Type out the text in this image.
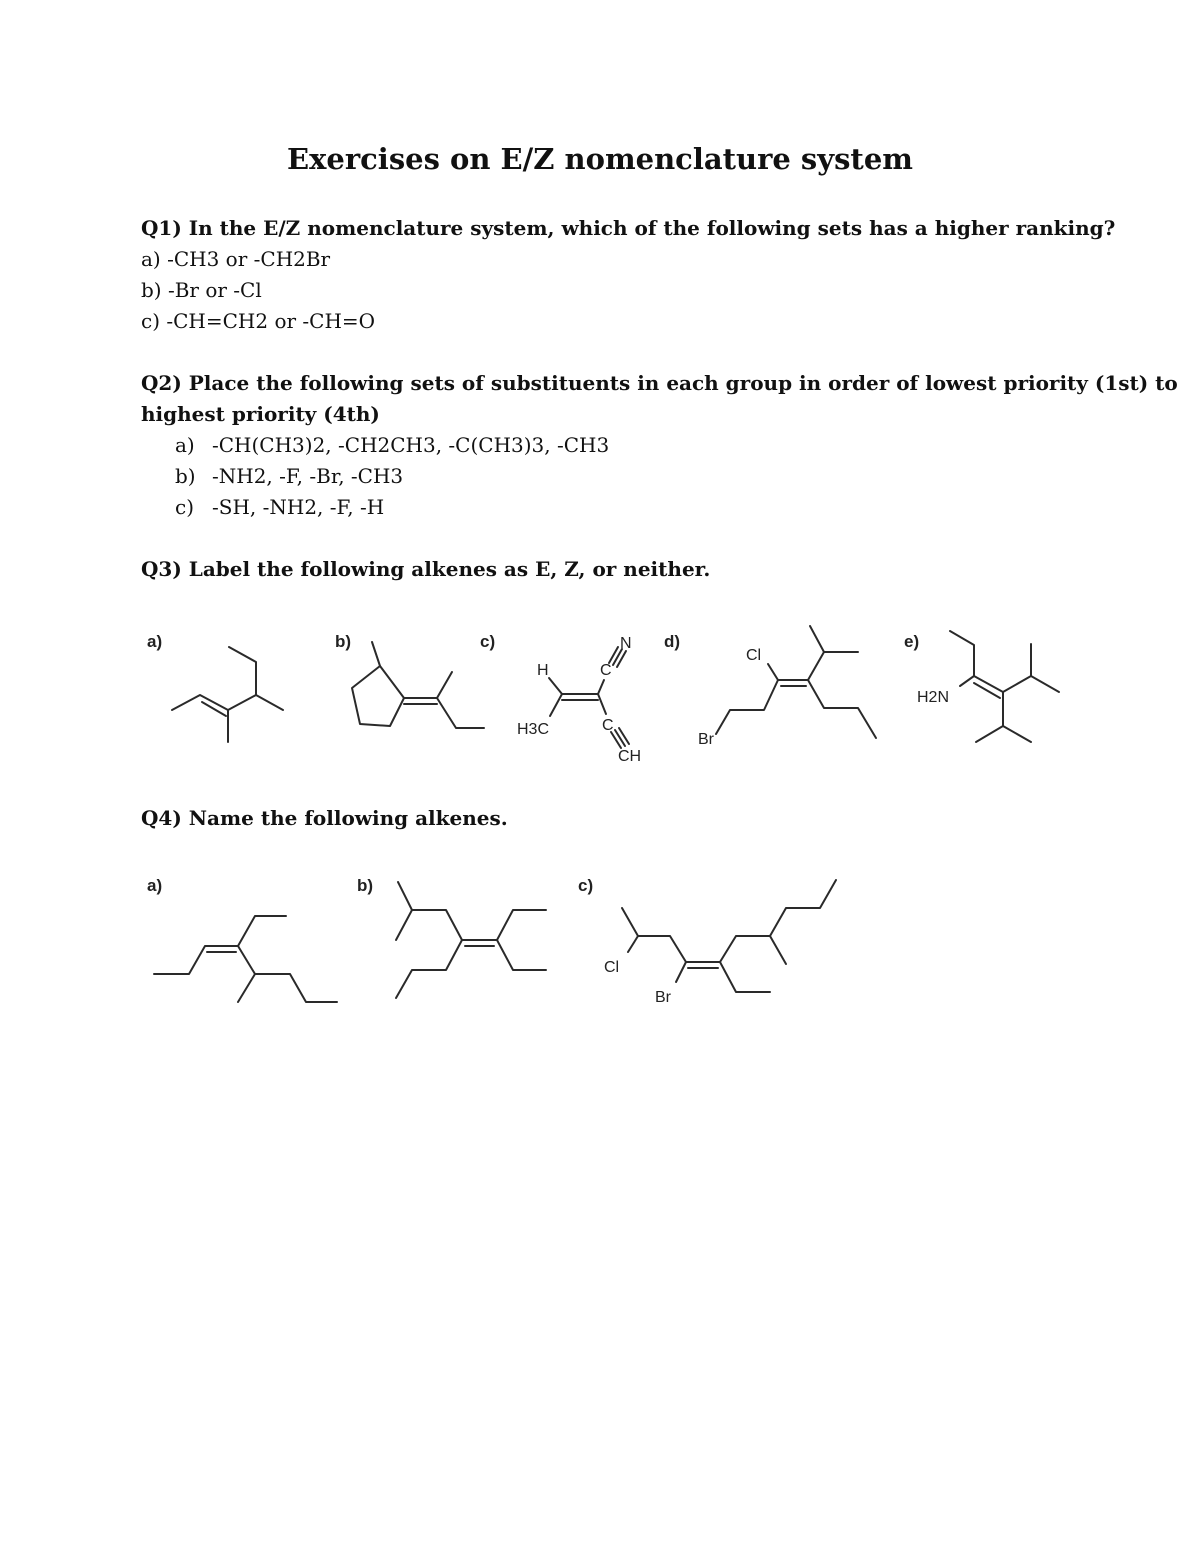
Exercises on E/Z nomenclature system

Q1) In the E/Z nomenclature system, which of the following sets has a higher ranking?

a) -CH3 or -CH2Br

b) -Br or -Cl

c) -CH=CH2 or -CH=O

Q2) Place the following sets of substituents in each group in order of lowest priority (1st) to

highest priority (4th)

a) -CH(CH3)2, -CH2CH3, -C(CH3)3, -CH3
b) -NH2, -F, -Br, -CH3
c) -SH, -NH2, -F, -H

Q3) Label the following alkenes as E, Z, or neither.

a)	b)	c)	d)	e)
H
H3C
N
C
C
CH
Cl
Br
H2N

Q4) Name the following alkenes.

a)	b)	c)
Cl
Br
